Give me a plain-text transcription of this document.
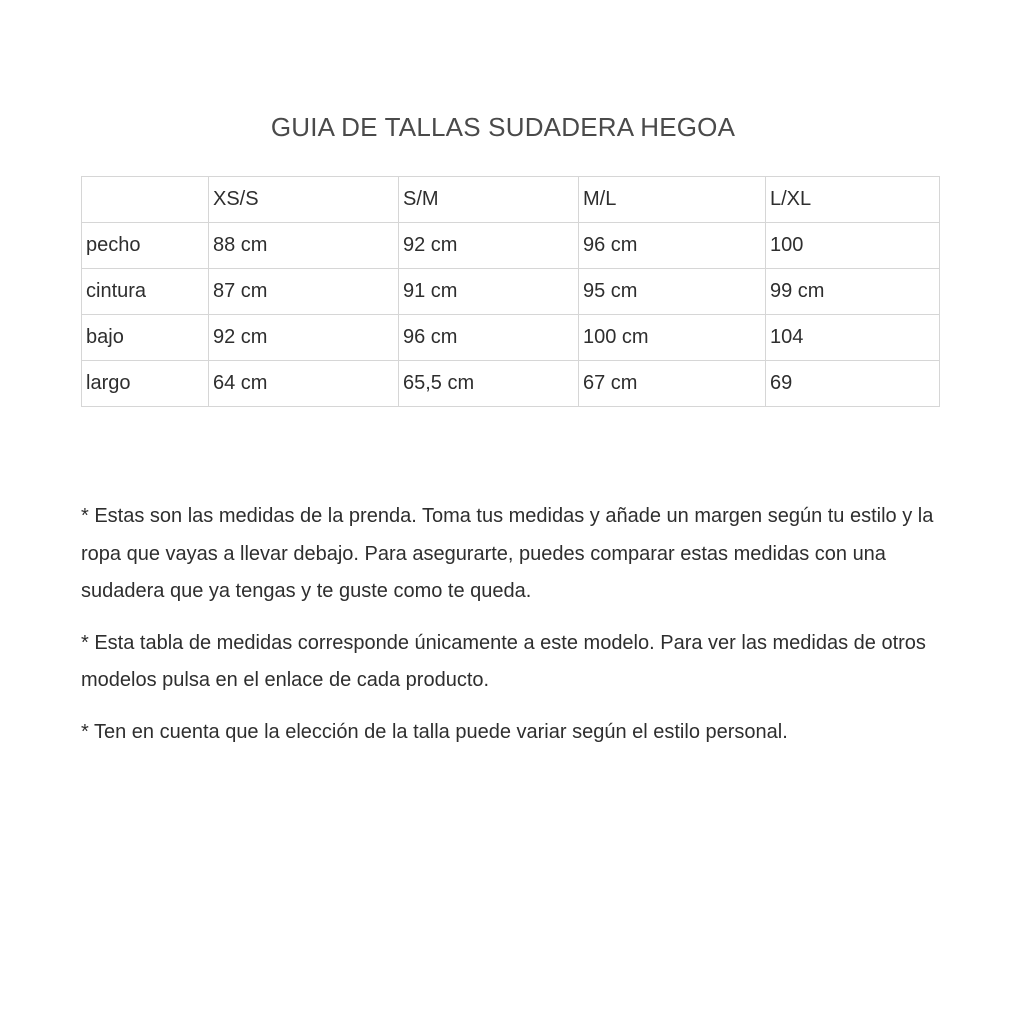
GUIA DE TALLAS SUDADERA HEGOA
	XS/S	S/M	M/L	L/XL
pecho	88 cm	92 cm	96 cm	100
cintura	87 cm	91 cm	95 cm	99 cm
bajo	92 cm	96 cm	100 cm	104
largo	64 cm	65,5 cm	67 cm	69

* Estas son las medidas de la prenda. Toma tus medidas y añade un margen según tu estilo y la ropa que vayas a llevar debajo. Para asegurarte, puedes comparar estas medidas con una sudadera que ya tengas y te guste como te queda.

* Esta tabla de medidas corresponde únicamente a este modelo. Para ver las medidas de otros modelos pulsa en el enlace de cada producto.

* Ten en cuenta que la elección de la talla puede variar según el estilo personal.
